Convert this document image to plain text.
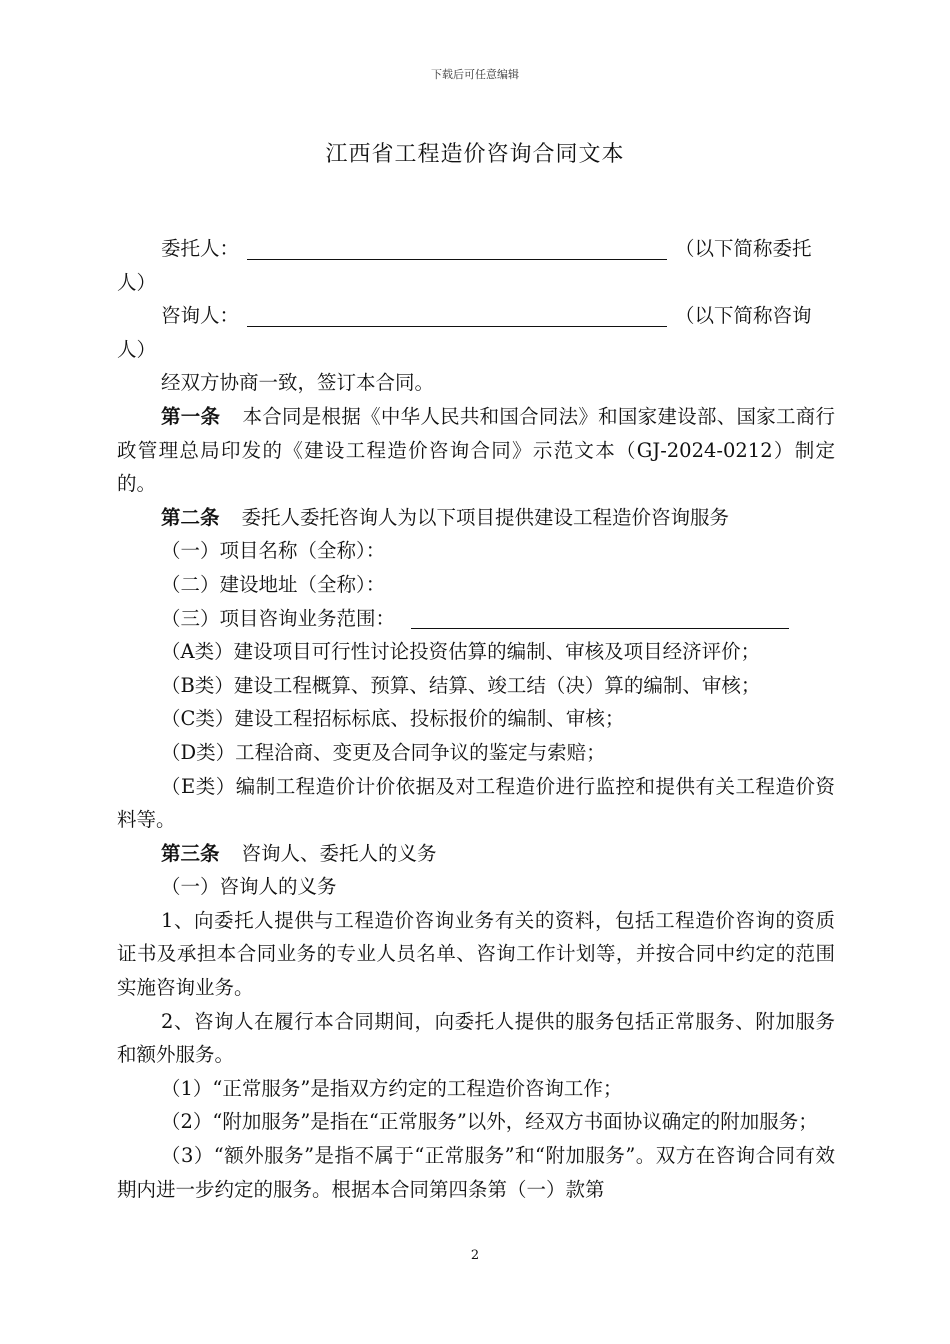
下载后可任意编辑
江西省工程造价咨询合同文本
委托人：	（以下简称委托

人）

咨询人：	（以下简称咨询

人）

经双方协商一致，签订本合同。

第一条 本合同是根据《中华人民共和国合同法》和国家建设部、国家工商行政管理总局印发的《建设工程造价咨询合同》示范文本（GJ-2024-0212）制定的。

第二条 委托人委托咨询人为以下项目提供建设工程造价咨询服务

（一）项目名称（全称）：

（二）建设地址（全称）：

（三）项目咨询业务范围：

（A类）建设项目可行性讨论投资估算的编制、审核及项目经济评价；

（B类）建设工程概算、预算、结算、竣工结（决）算的编制、审核；

（C类）建设工程招标标底、投标报价的编制、审核；

（D类）工程洽商、变更及合同争议的鉴定与索赔；

（E类）编制工程造价计价依据及对工程造价进行监控和提供有关工程造价资料等。

第三条 咨询人、委托人的义务

（一）咨询人的义务

1、向委托人提供与工程造价咨询业务有关的资料，包括工程造价咨询的资质证书及承担本合同业务的专业人员名单、咨询工作计划等，并按合同中约定的范围实施咨询业务。

2、咨询人在履行本合同期间，向委托人提供的服务包括正常服务、附加服务和额外服务。

（1）“正常服务”是指双方约定的工程造价咨询工作；

（2）“附加服务”是指在“正常服务”以外，经双方书面协议确定的附加服务；

（3）“额外服务”是指不属于“正常服务”和“附加服务”。双方在咨询合同有效期内进一步约定的服务。根据本合同第四条第（一）款第

2
